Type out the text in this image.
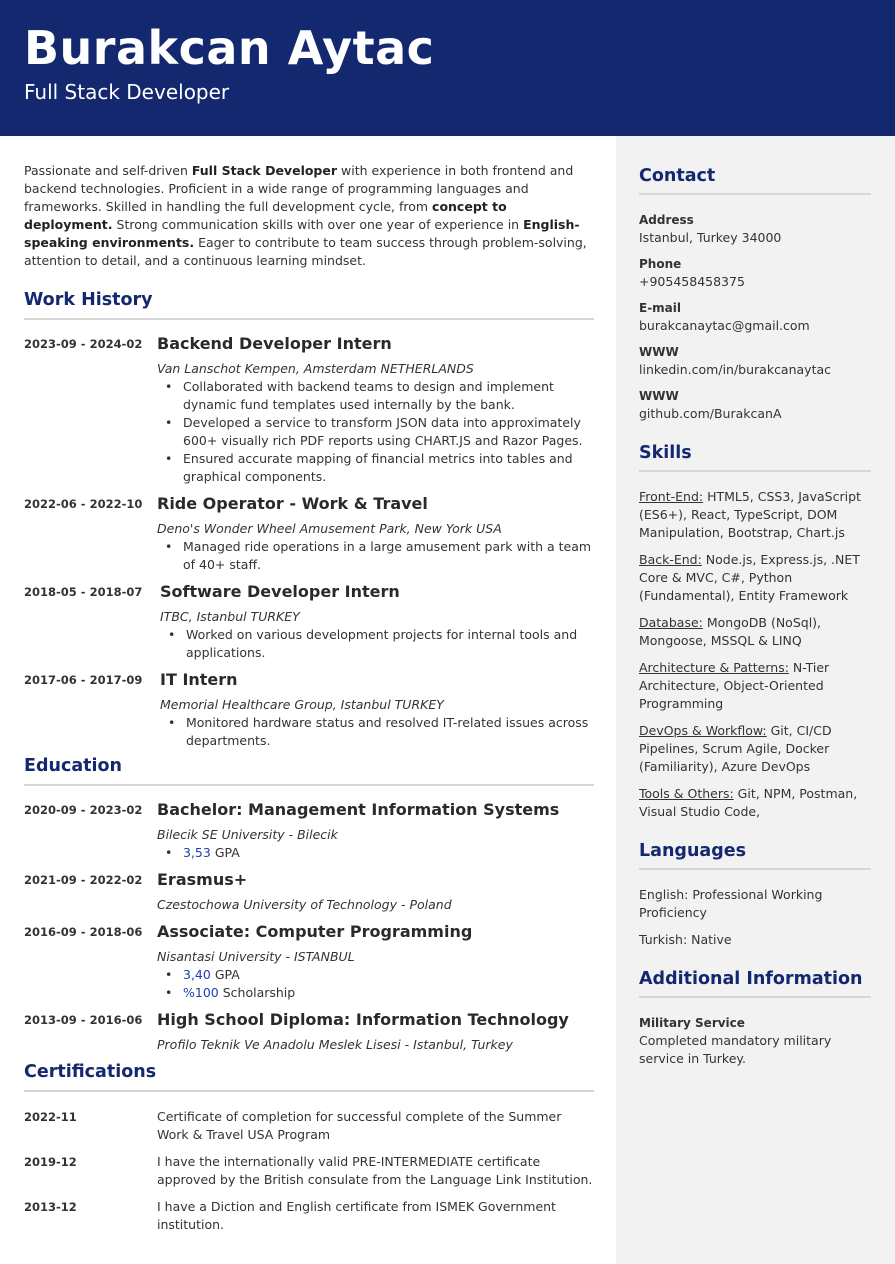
Burakcan Aytac
Full Stack Developer
Passionate and self-driven Full Stack Developer with experience in both frontend and backend technologies. Proficient in a wide range of programming languages and frameworks. Skilled in handling the full development cycle, from concept to deployment. Strong communication skills with over one year of experience in English-speaking environments. Eager to contribute to team success through problem-solving, attention to detail, and a continuous learning mindset.
Work History
2023-09 - 2024-02 Backend Developer Intern
Van Lanschot Kempen, Amsterdam NETHERLANDS
• Collaborated with backend teams to design and implement dynamic fund templates used internally by the bank.
• Developed a service to transform JSON data into approximately 600+ visually rich PDF reports using CHART.JS and Razor Pages.
• Ensured accurate mapping of financial metrics into tables and graphical components.
2022-06 - 2022-10 Ride Operator - Work & Travel
Deno's Wonder Wheel Amusement Park, New York USA
• Managed ride operations in a large amusement park with a team of 40+ staff.
2018-05 - 2018-07	Software Developer Intern
ITBC, Istanbul TURKEY
• Worked on various development projects for internal tools and applications.
2017-06 - 2017-09	IT Intern
Memorial Healthcare Group, Istanbul TURKEY
• Monitored hardware status and resolved IT-related issues across departments.
Education
2020-09 - 2023-02 Bachelor: Management Information Systems
Bilecik SE University - Bilecik
• 3,53 GPA
2021-09 - 2022-02 Erasmus+
Czestochowa University of Technology - Poland
2016-09 - 2018-06 Associate: Computer Programming
Nisantasi University - ISTANBUL
• 3,40 GPA
• %100 Scholarship
2013-09 - 2016-06 High School Diploma: Information Technology
Profilo Teknik Ve Anadolu Meslek Lisesi - Istanbul, Turkey
Certifications
2022-11	Certificate of completion for successful complete of the Summer Work & Travel USA Program
2019-12	I have the internationally valid PRE-INTERMEDIATE certificate approved by the British consulate from the Language Link Institution.
2013-12	I have a Diction and English certificate from ISMEK Government institution.
Contact
Address
Istanbul, Turkey 34000
Phone
+905458458375
E-mail
burakcanaytac@gmail.com
WWW
linkedin.com/in/burakcanaytac
WWW
github.com/BurakcanA
Skills
Front-End: HTML5, CSS3, JavaScript (ES6+), React, TypeScript, DOM Manipulation, Bootstrap, Chart.js
Back-End: Node.js, Express.js, .NET Core & MVC, C#, Python (Fundamental), Entity Framework
Database: MongoDB (NoSql), Mongoose, MSSQL & LINQ
Architecture & Patterns: N-Tier Architecture, Object-Oriented Programming
DevOps & Workflow: Git, CI/CD Pipelines, Scrum Agile, Docker (Familiarity), Azure DevOps
Tools & Others: Git, NPM, Postman, Visual Studio Code,
Languages

English: Professional Working Proficiency

Turkish: Native

Additional Information
Military Service
Completed mandatory military service in Turkey.
